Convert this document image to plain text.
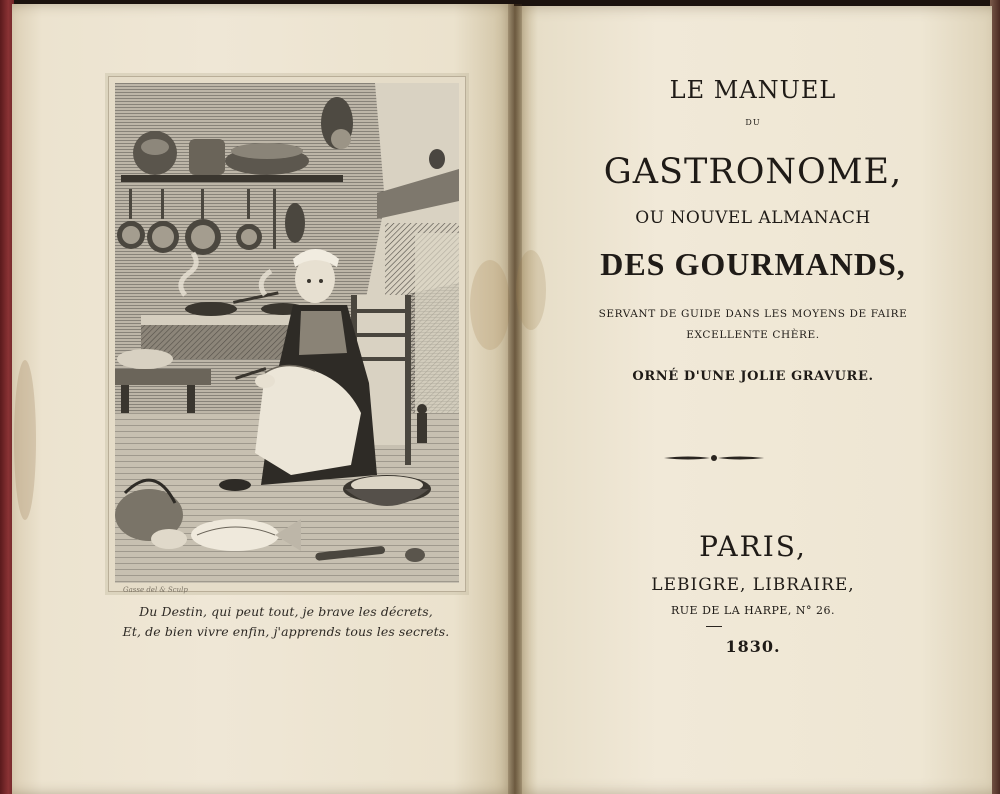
Gasse del & Sculp
Du Destin, qui peut tout, je brave les décrets,
Et, de bien vivre enfin, j'apprends tous les secrets.
LE MANUEL
DU
GASTRONOME,
OU NOUVEL ALMANACH
DES GOURMANDS,
SERVANT DE GUIDE DANS LES MOYENS DE FAIRE
EXCELLENTE CHÈRE.
ORNÉ D'UNE JOLIE GRAVURE.
PARIS,
LEBIGRE, LIBRAIRE,
RUE DE LA HARPE, N° 26.
1830.
